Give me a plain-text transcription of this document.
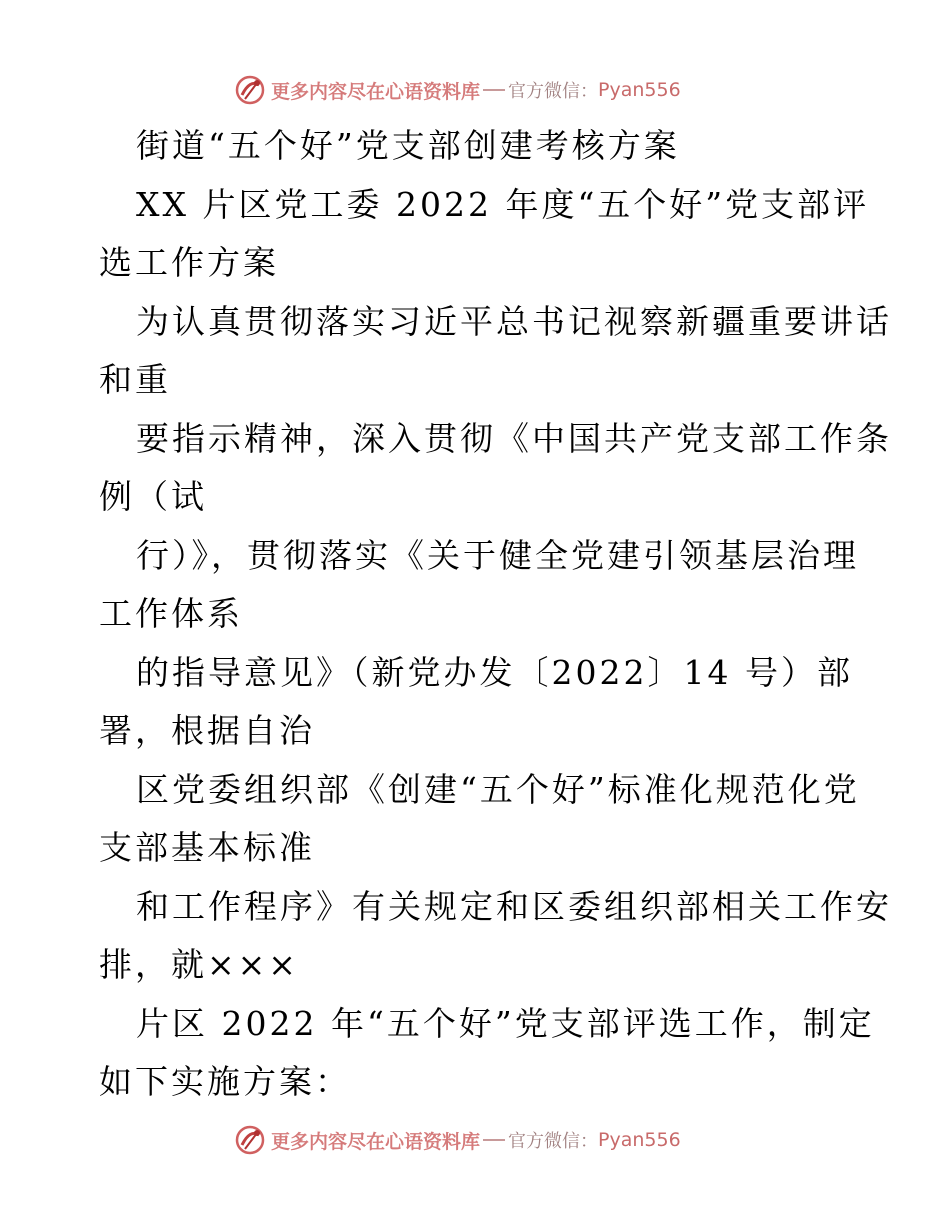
更多内容尽在心语资料库 官方微信： Pyan556
街道“五个好”党支部创建考核方案
XX 片区党工委 2022 年度“五个好”党支部评
选工作方案
为认真贯彻落实习近平总书记视察新疆重要讲话
和重
要指示精神，深入贯彻《中国共产党支部工作条
例（试
行）》，贯彻落实《关于健全党建引领基层治理
工作体系
的指导意见》（新党办发〔2022〕14 号）部
署，根据自治
区党委组织部《创建“五个好”标准化规范化党
支部基本标准
和工作程序》有关规定和区委组织部相关工作安
排，就×××
片区 2022 年“五个好”党支部评选工作，制定
如下实施方案：
更多内容尽在心语资料库 官方微信： Pyan556
